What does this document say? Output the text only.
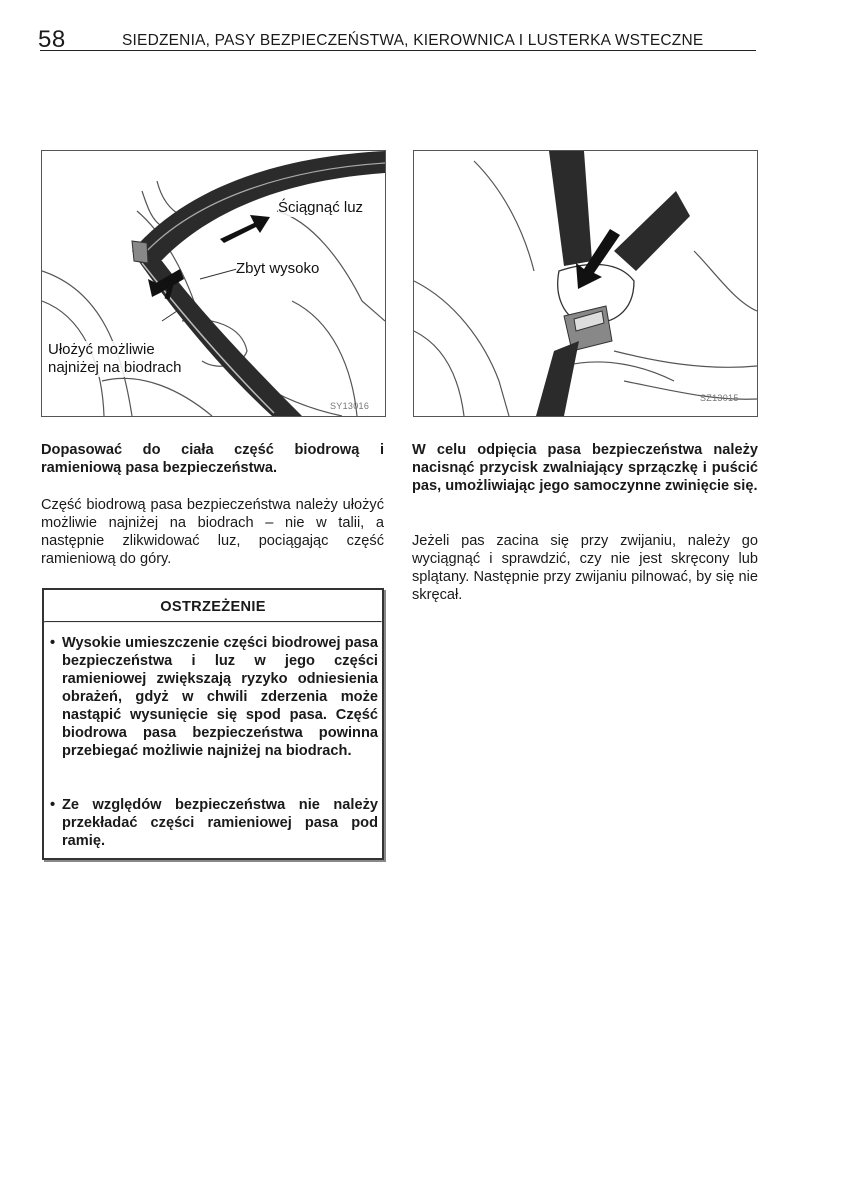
58	SIEDZENIA, PASY BEZPIECZEŃSTWA, KIEROWNICA I LUSTERKA WSTECZNE
Ściągnąć luz
Zbyt wysoko
Ułożyć możliwie najniżej na biodrach
SY13016
SZ13015

Dopasować do ciała część biodrową i ramieniową pasa bezpieczeństwa.

Część biodrową pasa bezpieczeństwa należy ułożyć możliwie najniżej na biodrach – nie w talii, a następnie zlikwidować luz, pociągając część ramieniową do góry.

OSTRZEŻENIE
• Wysokie umieszczenie części biodrowej pasa bezpieczeństwa i luz w jego części ramieniowej zwiększają ryzyko odniesienia obrażeń, gdyż w chwili zderzenia może nastąpić wysunięcie się spod pasa. Część biodrowa pasa bezpieczeństwa powinna przebiegać możliwie najniżej na biodrach.
• Ze względów bezpieczeństwa nie należy przekładać części ramieniowej pasa pod ramię.

W celu odpięcia pasa bezpieczeństwa należy nacisnąć przycisk zwalniający sprzączkę i puścić pas, umożliwiając jego samoczynne zwinięcie się.

Jeżeli pas zacina się przy zwijaniu, należy go wyciągnąć i sprawdzić, czy nie jest skręcony lub splątany. Następnie przy zwijaniu pilnować, by się nie skręcał.
